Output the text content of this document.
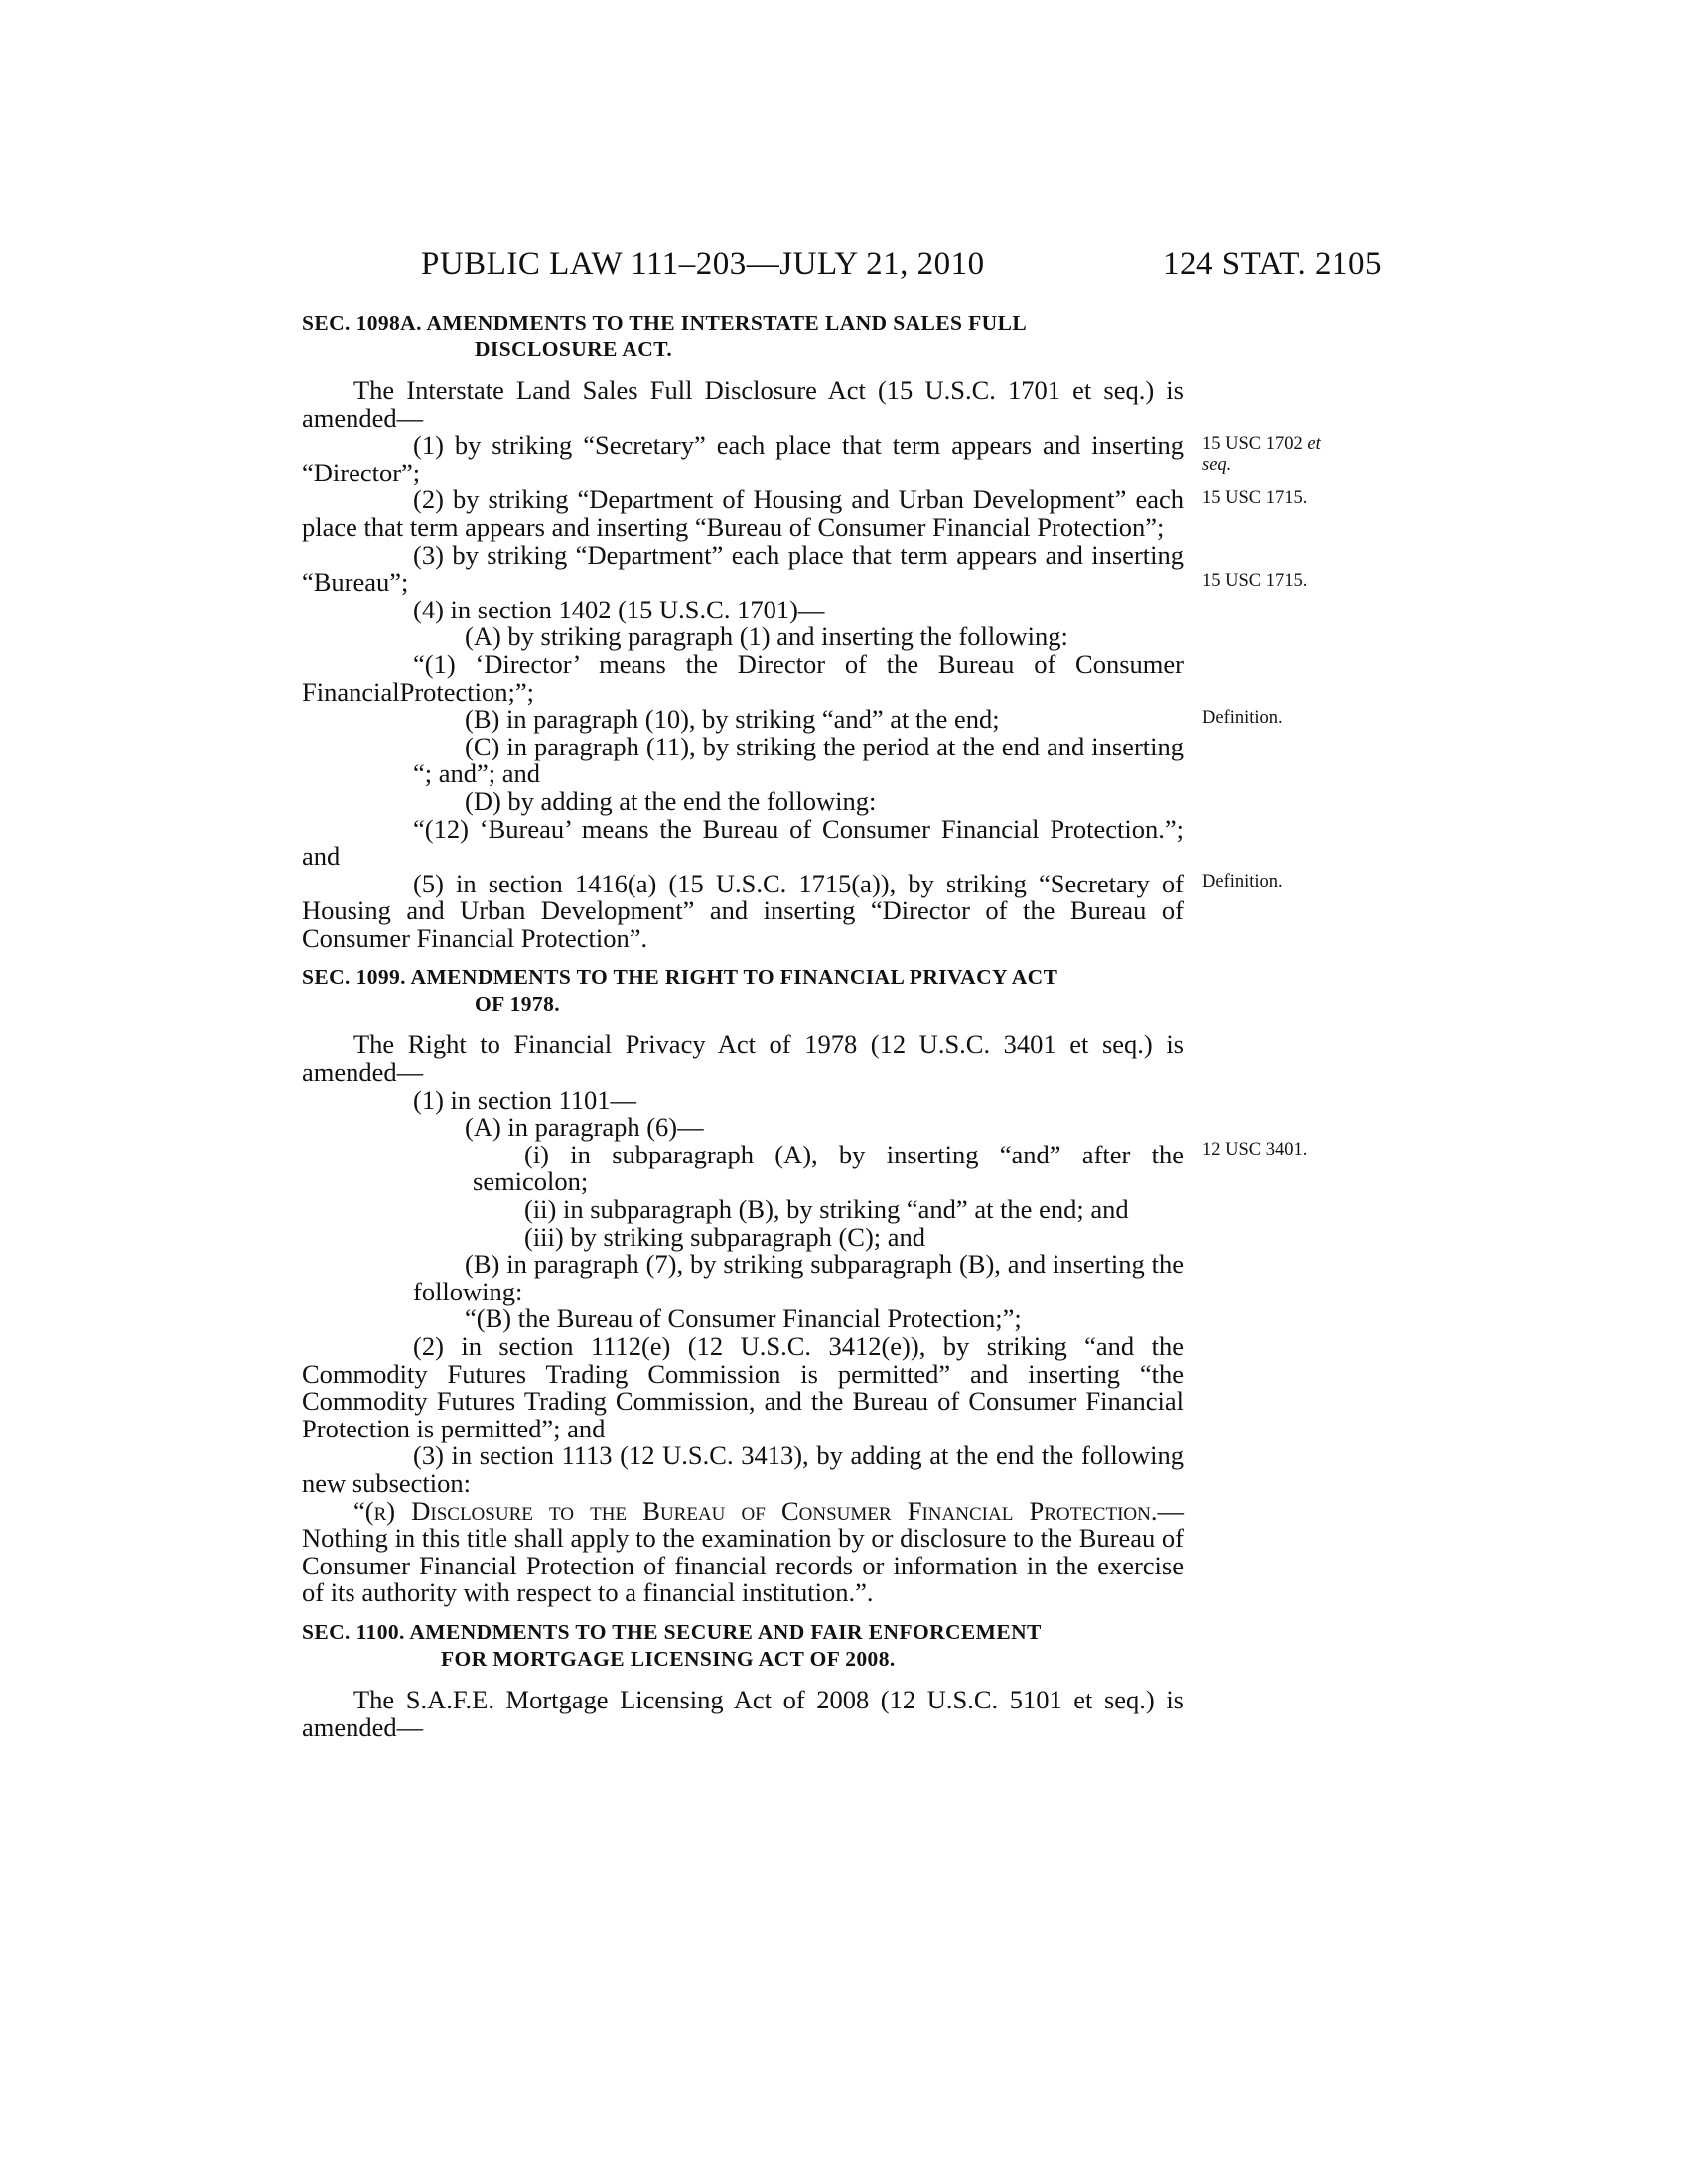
PUBLIC LAW 111–203—JULY 21, 2010	124 STAT. 2105
SEC. 1098A. AMENDMENTS TO THE INTERSTATE LAND SALES FULL
DISCLOSURE ACT.

The Interstate Land Sales Full Disclosure Act (15 U.S.C. 1701 et seq.) is amended—

(1) by striking “Secretary” each place that term appears and inserting “Director”;

(2) by striking “Department of Housing and Urban Development” each place that term appears and inserting “Bureau of Consumer Financial Protection”;

(3) by striking “Department” each place that term appears and inserting “Bureau”;

(4) in section 1402 (15 U.S.C. 1701)—

(A) by striking paragraph (1) and inserting the following:

“(1) ‘Director’ means the Director of the Bureau of Consumer FinancialProtection;”;

(B) in paragraph (10), by striking “and” at the end;

(C) in paragraph (11), by striking the period at the end and inserting “; and”; and

(D) by adding at the end the following:

“(12) ‘Bureau’ means the Bureau of Consumer Financial Protection.”; and

(5) in section 1416(a) (15 U.S.C. 1715(a)), by striking “Secretary of Housing and Urban Development” and inserting “Director of the Bureau of Consumer Financial Protection”.

SEC. 1099. AMENDMENTS TO THE RIGHT TO FINANCIAL PRIVACY ACT
OF 1978.

The Right to Financial Privacy Act of 1978 (12 U.S.C. 3401 et seq.) is amended—

(1) in section 1101—

(A) in paragraph (6)—

(i) in subparagraph (A), by inserting “and” after the semicolon;

(ii) in subparagraph (B), by striking “and” at the end; and

(iii) by striking subparagraph (C); and

(B) in paragraph (7), by striking subparagraph (B), and inserting the following:

“(B) the Bureau of Consumer Financial Protection;”;

(2) in section 1112(e) (12 U.S.C. 3412(e)), by striking “and the Commodity Futures Trading Commission is permitted” and inserting “the Commodity Futures Trading Commission, and the Bureau of Consumer Financial Protection is permitted”; and

(3) in section 1113 (12 U.S.C. 3413), by adding at the end the following new subsection:

“(r) Disclosure to the Bureau of Consumer Financial Protection.—Nothing in this title shall apply to the examination by or disclosure to the Bureau of Consumer Financial Protection of financial records or information in the exercise of its authority with respect to a financial institution.”.

SEC. 1100. AMENDMENTS TO THE SECURE AND FAIR ENFORCEMENT
FOR MORTGAGE LICENSING ACT OF 2008.

The S.A.F.E. Mortgage Licensing Act of 2008 (12 U.S.C. 5101 et seq.) is amended—

15 USC 1702 et
seq.
15 USC 1715.
15 USC 1715.
Definition.
Definition.
12 USC 3401.
